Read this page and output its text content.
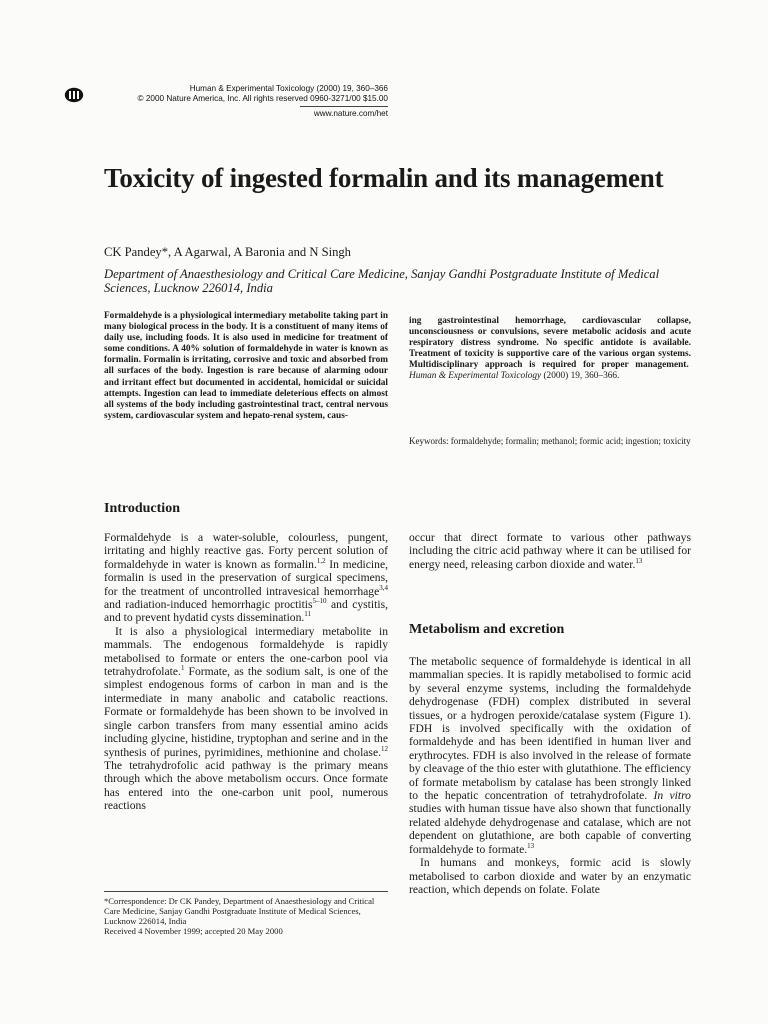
Human & Experimental Toxicology (2000) 19, 360–366
© 2000 Nature America, Inc. All rights reserved 0960-3271/00 $15.00
www.nature.com/het
Toxicity of ingested formalin and its management
CK Pandey*, A Agarwal, A Baronia and N Singh
Department of Anaesthesiology and Critical Care Medicine, Sanjay Gandhi Postgraduate Institute of Medical Sciences, Lucknow 226014, India
Formaldehyde is a physiological intermediary metabolite taking part in many biological process in the body. It is a constituent of many items of daily use, including foods. It is also used in medicine for treatment of some conditions. A 40% solution of formaldehyde in water is known as formalin. Formalin is irritating, corrosive and toxic and absorbed from all surfaces of the body. Ingestion is rare because of alarming odour and irritant effect but documented in accidental, homicidal or suicidal attempts. Ingestion can lead to immediate deleterious effects on almost all systems of the body including gastrointestinal tract, central nervous system, cardiovascular system and hepato-renal system, caus-
ing gastrointestinal hemorrhage, cardiovascular collapse, unconsciousness or convulsions, severe metabolic acidosis and acute respiratory distress syndrome. No specific antidote is available. Treatment of toxicity is supportive care of the various organ systems. Multidisciplinary approach is required for proper management.  Human & Experimental Toxicology (2000) 19, 360–366.
Keywords: formaldehyde; formalin; methanol; formic acid; ingestion; toxicity
Introduction
Metabolism and excretion

Formaldehyde is a water-soluble, colourless, pungent, irritating and highly reactive gas. Forty percent solution of formaldehyde in water is known as formalin.$^{1,2}$ In medicine, formalin is used in the preservation of surgical specimens, for the treatment of uncontrolled intravesical hemorrhage$^{3,4}$ and radiation-induced hemorrhagic proctitis$^{5-10}$ and cystitis, and to prevent hydatid cysts dissemination.$^{11}$

It is also a physiological intermediary metabolite in mammals. The endogenous formaldehyde is rapidly metabolised to formate or enters the one-carbon pool via tetrahydrofolate.$^1$ Formate, as the sodium salt, is one of the simplest endogenous forms of carbon in man and is the intermediate in many anabolic and catabolic reactions. Formate or formaldehyde has been shown to be involved in single carbon transfers from many essential amino acids including glycine, histidine, tryptophan and serine and in the synthesis of purines, pyrimidines, methionine and cholase.$^{12}$ The tetrahydrofolic acid pathway is the primary means through which the above metabolism occurs. Once formate has entered into the one-carbon unit pool, numerous reactions

occur that direct formate to various other pathways including the citric acid pathway where it can be utilised for energy need, releasing carbon dioxide and water.$^{13}$

The metabolic sequence of formaldehyde is identical in all mammalian species. It is rapidly metabolised to formic acid by several enzyme systems, including the formaldehyde dehydrogenase (FDH) complex distributed in several tissues, or a hydrogen peroxide/catalase system (Figure 1). FDH is involved specifically with the oxidation of formaldehyde and has been identified in human liver and erythrocytes. FDH is also involved in the release of formate by cleavage of the thio ester with glutathione. The efficiency of formate metabolism by catalase has been strongly linked to the hepatic concentration of tetrahydrofolate. In vitro studies with human tissue have also shown that functionally related aldehyde dehydrogenase and catalase, which are not dependent on glutathione, are both capable of converting formaldehyde to formate.$^{13}$

In humans and monkeys, formic acid is slowly metabolised to carbon dioxide and water by an enzymatic reaction, which depends on folate. Folate

*Correspondence: Dr CK Pandey, Department of Anaesthesiology and Critical Care Medicine, Sanjay Gandhi Postgraduate Institute of Medical Sciences, Lucknow 226014, India
Received 4 November 1999; accepted 20 May 2000
